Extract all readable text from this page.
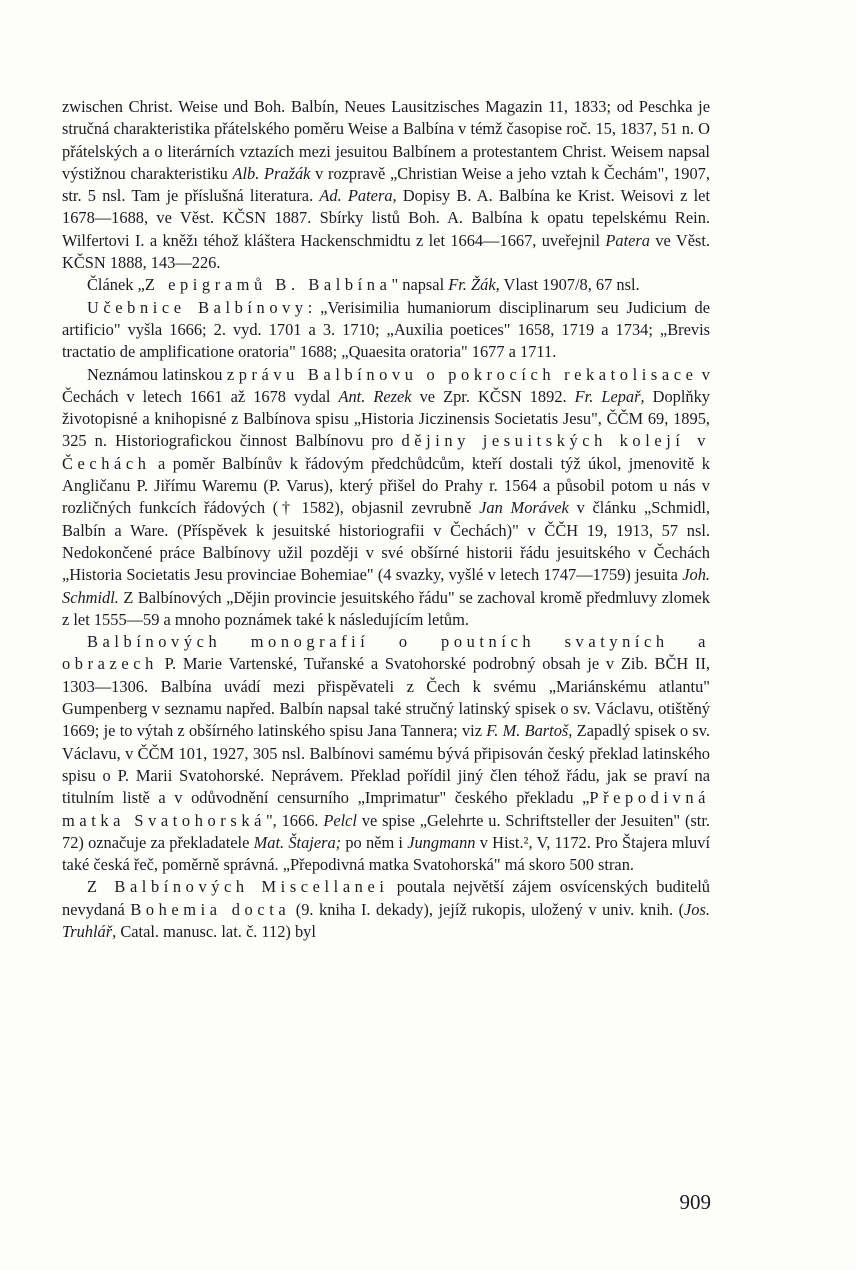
zwischen Christ. Weise und Boh. Balbín, Neues Lausitzisches Magazin 11, 1833; od Peschka je stručná charakteristika přátelského poměru Weise a Balbína v témž časopise roč. 15, 1837, 51 n. O přátelských a o literárních vztazích mezi jesuitou Balbínem a protestantem Christ. Weisem napsal výstižnou charakteristiku Alb. Pražák v rozpravě „Christian Weise a jeho vztah k Čechám", 1907, str. 5 nsl. Tam je příslušná literatura. Ad. Patera, Dopisy B. A. Balbína ke Krist. Weisovi z let 1678—1688, ve Věst. KČSN 1887. Sbírky listů Boh. A. Balbína k opatu tepelskému Rein. Wilfertovi I. a kněžı téhož kláštera Hackenschmidtu z let 1664—1667, uveřejnil Patera ve Věst. KČSN 1888, 143—226.

Článek „Z epigramů B. Balbína" napsal Fr. Žák, Vlast 1907/8, 67 nsl.

Učebnice Balbínovy: „Verisimilia humaniorum disciplinarum seu Judicium de artificio" vyšla 1666; 2. vyd. 1701 a 3. 1710; „Auxilia poetices" 1658, 1719 a 1734; „Brevis tractatio de amplificatione oratoria" 1688; „Quaesita oratoria" 1677 a 1711.

Neznámou latinskou zprávu Balbínovu o pokrocích rekatolisace v Čechách v letech 1661 až 1678 vydal Ant. Rezek ve Zpr. KČSN 1892. Fr. Lepař, Doplňky životopisné a knihopisné z Balbínova spisu „Historia Jiczinensis Societatis Jesu", ČČM 69, 1895, 325 n. Historiografickou činnost Balbínovu pro dějiny jesuitských kolejí v Čechách a poměr Balbínův k řádovým předchůdcům, kteří dostali týž úkol, jmenovitě k Angličanu P. Jiřímu Waremu (P. Varus), který přišel do Prahy r. 1564 a působil potom u nás v rozličných funkcích řádových († 1582), objasnil zevrubně Jan Morávek v článku „Schmidl, Balbín a Ware. (Příspěvek k jesuitské historiografii v Čechách)" v ČČH 19, 1913, 57 nsl. Nedokončené práce Balbínovy užil později v své obšírné historii řádu jesuitského v Čechách „Historia Societatis Jesu provinciae Bohemiae" (4 svazky, vyšlé v letech 1747—1759) jesuita Joh. Schmidl. Z Balbínových „Dějin provincie jesuitského řádu" se zachoval kromě předmluvy zlomek z let 1555—59 a mnoho poznámek také k následujícím letům.

Balbínových monografií o poutních svatyních a obrazech P. Marie Vartenské, Tuřanské a Svatohorské podrobný obsah je v Zib. BČH II, 1303—1306. Balbína uvádí mezi přispěvateli z Čech k svému „Mariánskému atlantu" Gumpenberg v seznamu napřed. Balbín napsal také stručný latinský spisek o sv. Václavu, otištěný 1669; je to výtah z obšírného latinského spisu Jana Tannera; viz F. M. Bartoš, Zapadlý spisek o sv. Václavu, v ČČM 101, 1927, 305 nsl. Balbínovi samému bývá připisován český překlad latinského spisu o P. Marii Svatohorské. Neprávem. Překlad pořídil jiný člen téhož řádu, jak se praví na titulním listě a v odůvodnění censurního „Imprimatur" českého překladu „Přepodivná matka Svatohorská", 1666. Pelcl ve spise „Gelehrte u. Schriftsteller der Jesuiten" (str. 72) označuje za překladatele Mat. Štajera; po něm i Jungmann v Hist.², V, 1172. Pro Štajera mluví také česká řeč, poměrně správná. „Přepodivná matka Svatohorská" má skoro 500 stran.

Z Balbínových Miscellanei poutala největší zájem osvícenských buditelů nevydaná Bohemia docta (9. kniha I. dekady), jejíž rukopis, uložený v univ. knih. (Jos. Truhlář, Catal. manusc. lat. č. 112) byl

909
